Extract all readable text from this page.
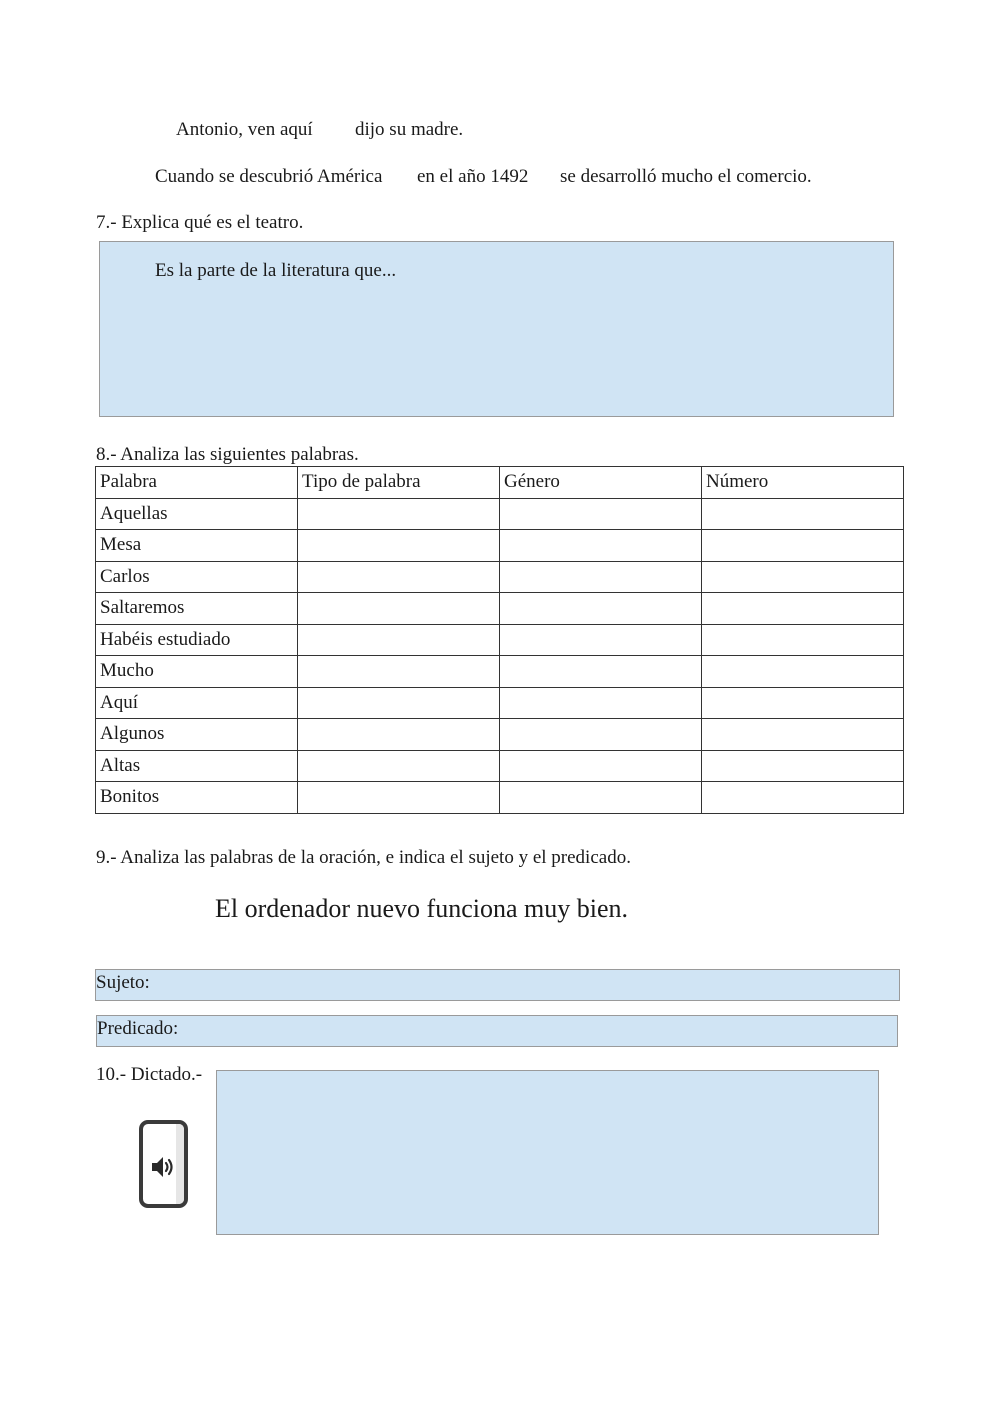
Antonio, ven aquí dijo su madre.
Cuando se descubrió América en el año 1492 se desarrolló mucho el comercio.
7.- Explica qué es el teatro.
Es la parte de la literatura que...
8.- Analiza las siguientes palabras.
Palabra	Tipo de palabra	Género	Número
Aquellas			
Mesa			
Carlos			
Saltaremos			
Habéis estudiado			
Mucho			
Aquí			
Algunos			
Altas			
Bonitos			
9.- Analiza las palabras de la oración, e indica el sujeto y el predicado.
El ordenador nuevo funciona muy bien.
Sujeto:
Predicado:
10.- Dictado.-
